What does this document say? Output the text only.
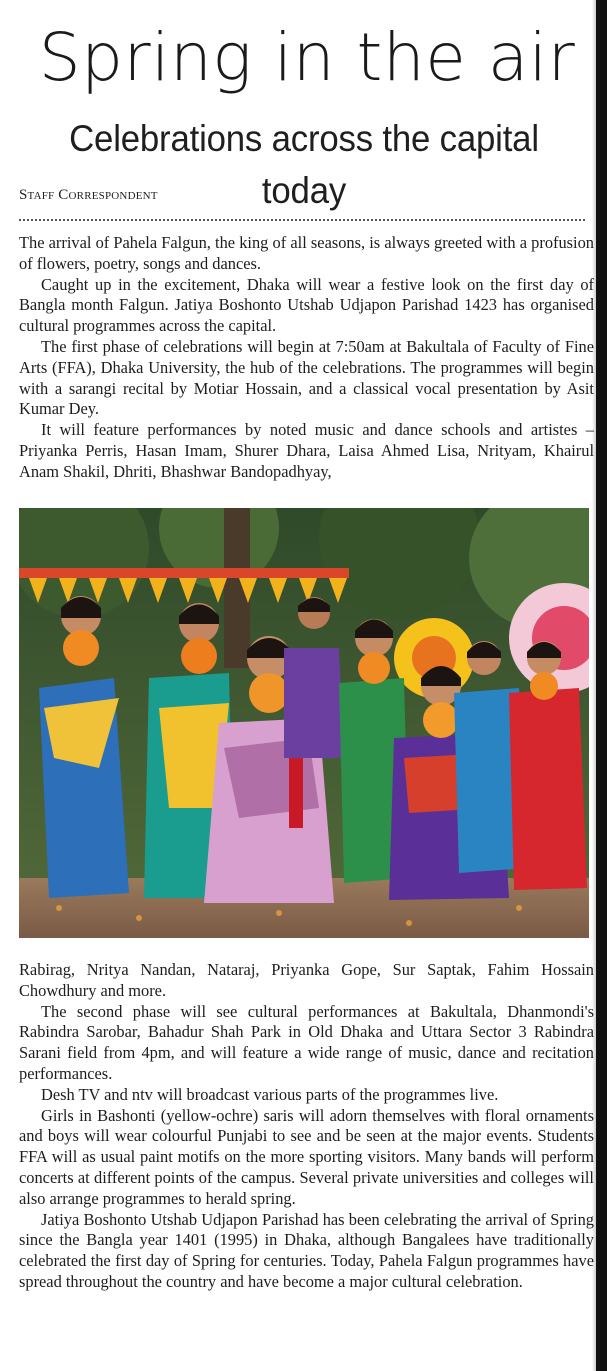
Spring in the air
Celebrations across the capital today
Staff Correspondent

The arrival of Pahela Falgun, the king of all seasons, is always greeted with a profusion of flowers, poetry, songs and dances.

Caught up in the excitement, Dhaka will wear a festive look on the first day of Bangla month Falgun. Jatiya Boshonto Utshab Udjapon Parishad 1423 has organised cultural programmes across the capital.

The first phase of celebrations will begin at 7:50am at Bakultala of Faculty of Fine Arts (FFA), Dhaka University, the hub of the celebrations. The programmes will begin with a sarangi recital by Motiar Hossain, and a classical vocal presentation by Asit Kumar Dey.

It will feature performances by noted music and dance schools and artistes – Priyanka Perris, Hasan Imam, Shurer Dhara, Laisa Ahmed Lisa, Nrityam, Khairul Anam Shakil, Dhriti, Bhashwar Bandopadhyay,

Rabirag, Nritya Nandan, Nataraj, Priyanka Gope, Sur Saptak, Fahim Hossain Chowdhury and more.

The second phase will see cultural performances at Bakultala, Dhanmondi's Rabindra Sarobar, Bahadur Shah Park in Old Dhaka and Uttara Sector 3 Rabindra Sarani field from 4pm, and will feature a wide range of music, dance and recitation performances.

Desh TV and ntv will broadcast various parts of the programmes live.

Girls in Bashonti (yellow-ochre) saris will adorn themselves with floral ornaments and boys will wear colourful Punjabi to see and be seen at the major events. Students FFA will as usual paint motifs on the more sporting visitors. Many bands will perform concerts at different points of the campus. Several private universities and colleges will also arrange programmes to herald spring.

Jatiya Boshonto Utshab Udjapon Parishad has been celebrating the arrival of Spring since the Bangla year 1401 (1995) in Dhaka, although Bangalees have traditionally celebrated the first day of Spring for centuries. Today, Pahela Falgun programmes have spread throughout the country and have become a major cultural celebration.
